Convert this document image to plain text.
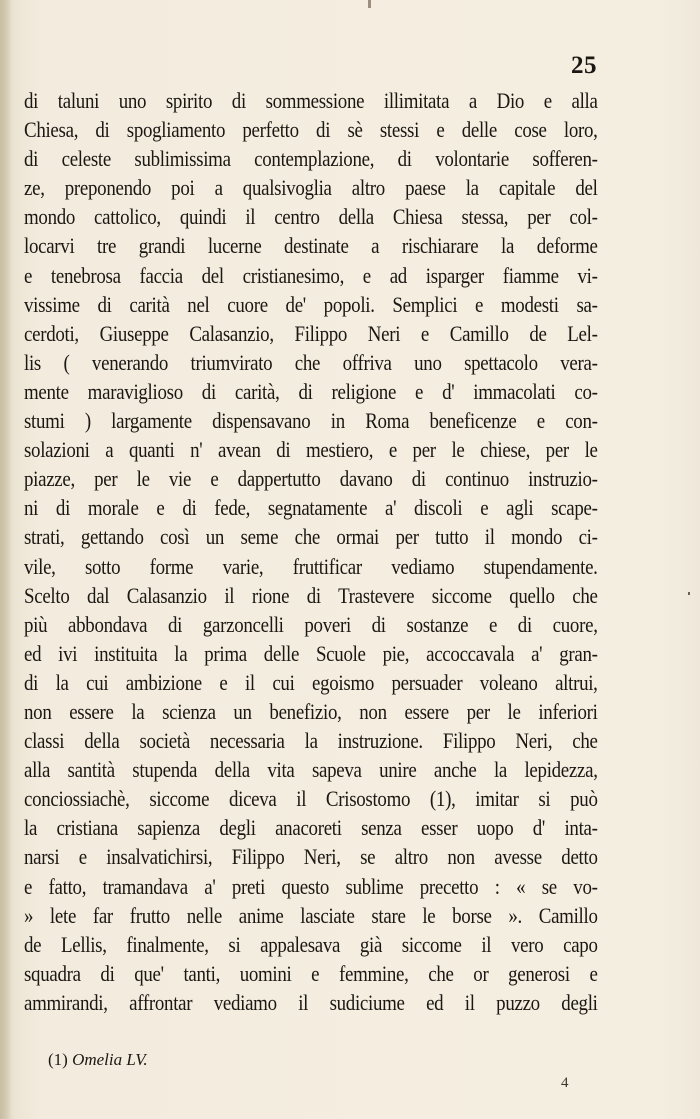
25
di taluni uno spirito di sommessione illimitata a Dio e alla
Chiesa, di spogliamento perfetto di sè stessi e delle cose loro,
di celeste sublimissima contemplazione, di volontarie sofferen-
ze, preponendo poi a qualsivoglia altro paese la capitale del
mondo cattolico, quindi il centro della Chiesa stessa, per col-
locarvi tre grandi lucerne destinate a rischiarare la deforme
e tenebrosa faccia del cristianesimo, e ad isparger fiamme vi-
vissime di carità nel cuore de' popoli. Semplici e modesti sa-
cerdoti, Giuseppe Calasanzio, Filippo Neri e Camillo de Lel-
lis ( venerando triumvirato che offriva uno spettacolo vera-
mente maraviglioso di carità, di religione e d' immacolati co-
stumi ) largamente dispensavano in Roma beneficenze e con-
solazioni a quanti n' avean di mestiero, e per le chiese, per le
piazze, per le vie e dappertutto davano di continuo instruzio-
ni di morale e di fede, segnatamente a' discoli e agli scape-
strati, gettando così un seme che ormai per tutto il mondo ci-
vile, sotto forme varie, fruttificar vediamo stupendamente.
Scelto dal Calasanzio il rione di Trastevere siccome quello che
più abbondava di garzoncelli poveri di sostanze e di cuore,
ed ivi instituita la prima delle Scuole pie, accoccavala a' gran-
di la cui ambizione e il cui egoismo persuader voleano altrui,
non essere la scienza un benefizio, non essere per le inferiori
classi della società necessaria la instruzione. Filippo Neri, che
alla santità stupenda della vita sapeva unire anche la lepidezza,
conciossiachè, siccome diceva il Crisostomo (1), imitar si può
la cristiana sapienza degli anacoreti senza esser uopo d' inta-
narsi e insalvatichirsi, Filippo Neri, se altro non avesse detto
e fatto, tramandava a' preti questo sublime precetto : « se vo-
» lete far frutto nelle anime lasciate stare le borse ». Camillo
de Lellis, finalmente, si appalesava già siccome il vero capo
squadra di que' tanti, uomini e femmine, che or generosi e
ammirandi, affrontar vediamo il sudiciume ed il puzzo degli
(1) Omelia LV.
4
